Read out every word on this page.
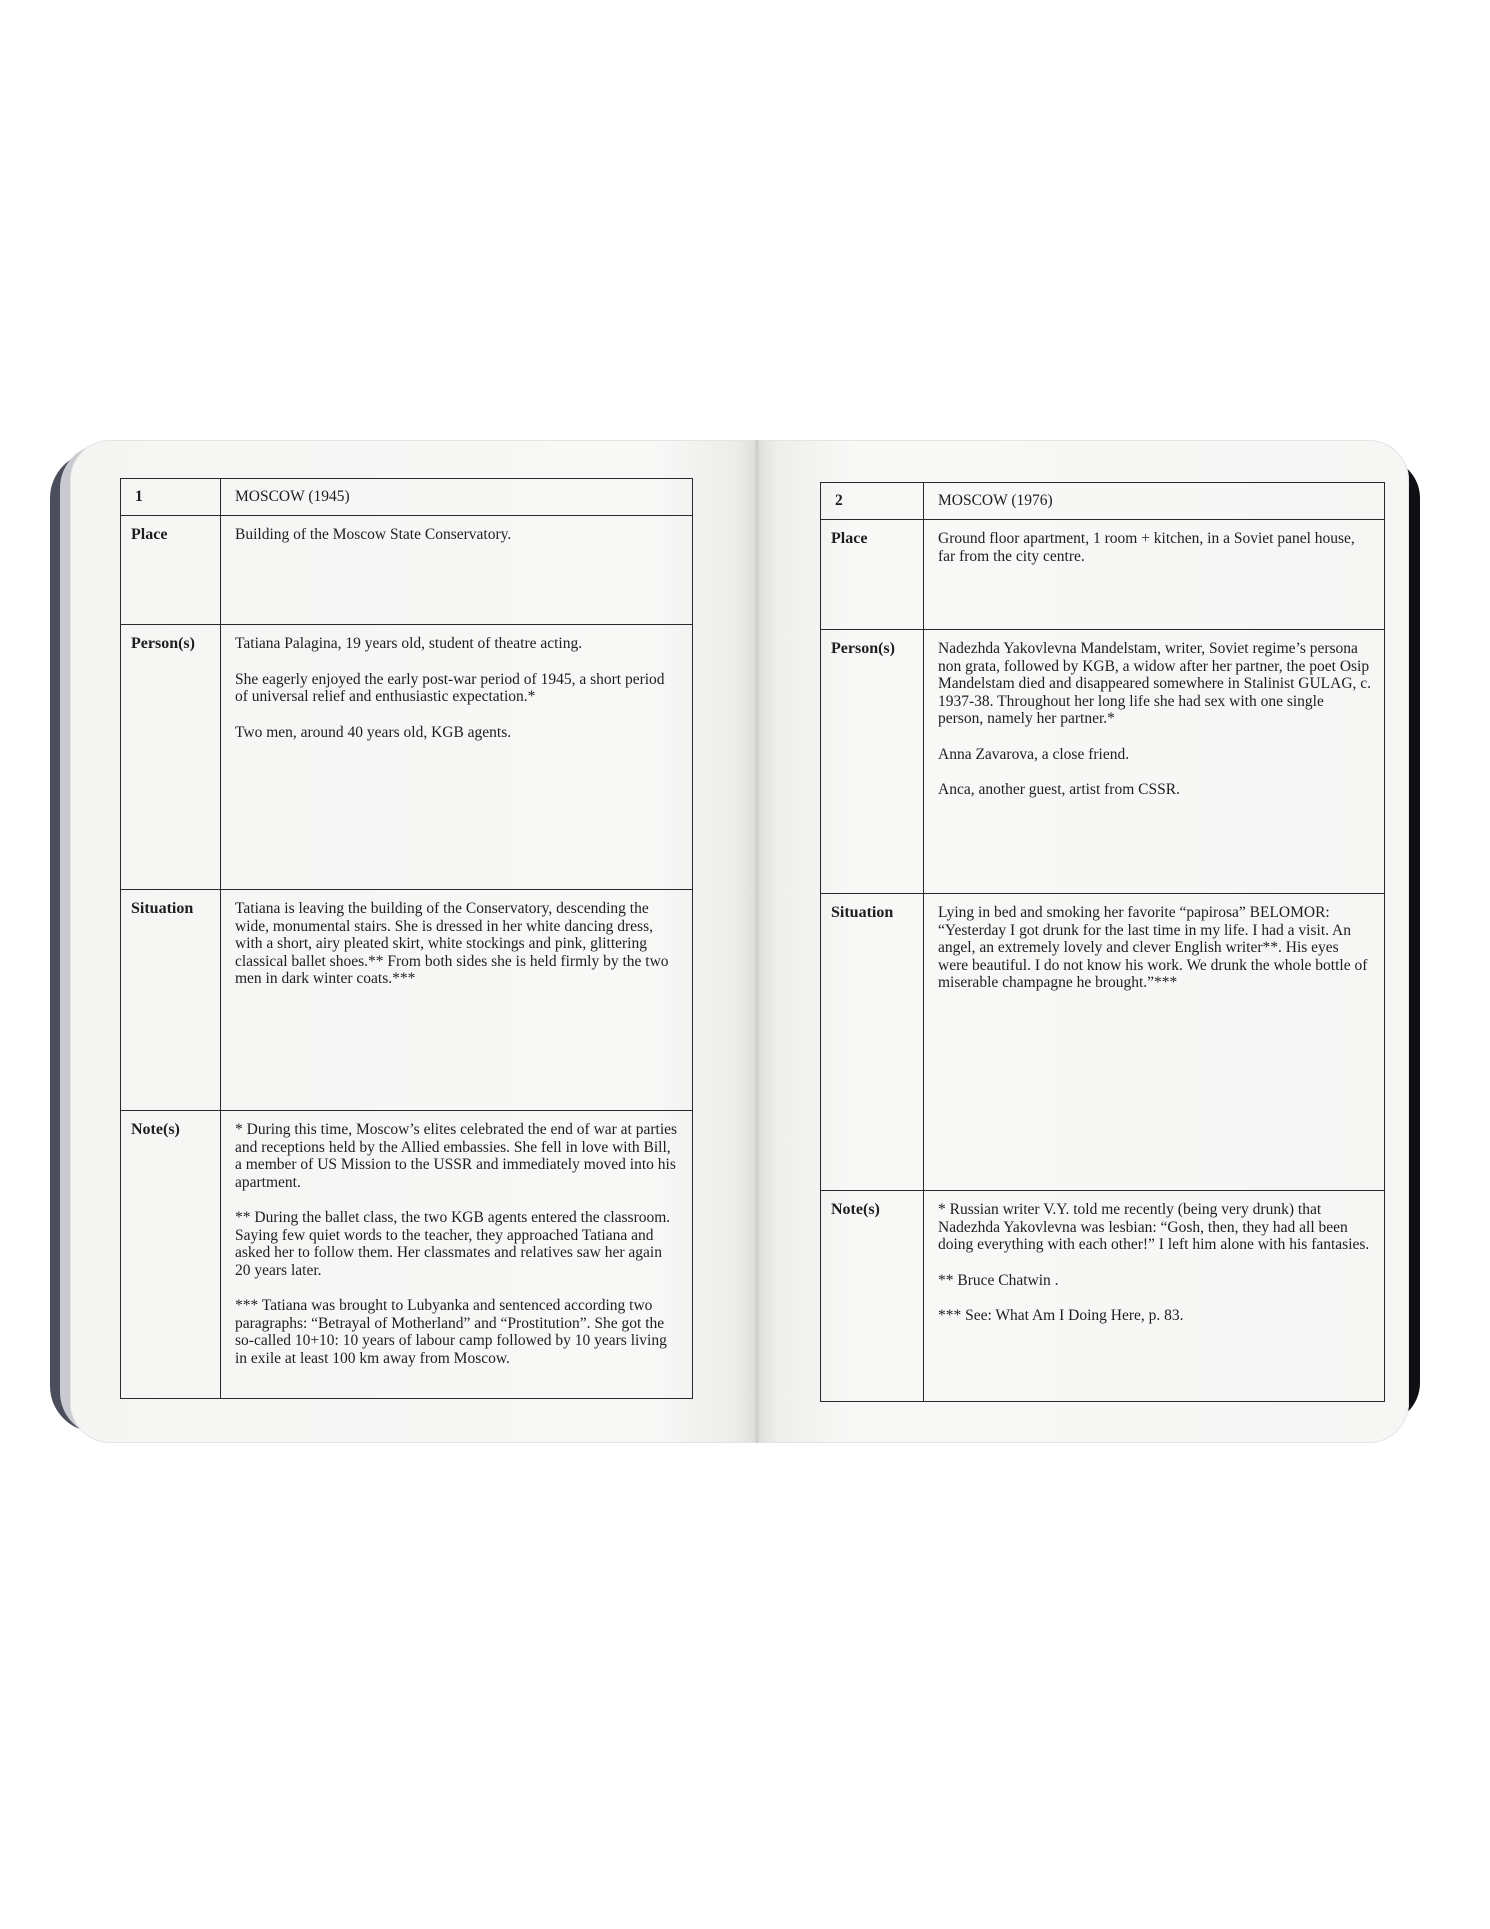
1	MOSCOW (1945)
Place	Building of the Moscow State Conservatory.
Person(s)	Tatiana Palagina, 19 years old, student of theatre acting.

She eagerly enjoyed the early post-war period of 1945, a short period of universal relief and enthusiastic expectation.*

Two men, around 40 years old, KGB agents.

Situation	Tatiana is leaving the building of the Conservatory, descending the wide, monumental stairs. She is dressed in her white dancing dress, with a short, airy pleated skirt, white stockings and pink, glittering classical ballet shoes.** From both sides she is held firmly by the two men in dark winter coats.***
Note(s)	* During this time, Moscow’s elites celebrated the end of war at parties and receptions held by the Allied embassies. She fell in love with Bill, a member of US Mission to the USSR and immediately moved into his apartment.

** During the ballet class, the two KGB agents entered the classroom. Saying few quiet words to the teacher, they approached Tatiana and asked her to follow them. Her classmates and relatives saw her again 20 years later.

*** Tatiana was brought to Lubyanka and sentenced according two paragraphs: “Betrayal of Motherland” and “Prostitution”. She got the so-called 10+10: 10 years of labour camp followed by 10 years living in exile at least 100 km away from Moscow.

2	MOSCOW (1976)
Place	Ground floor apartment, 1 room + kitchen, in a Soviet panel house, far from the city centre.
Person(s)	Nadezhda Yakovlevna Mandelstam, writer, Soviet regime’s persona non grata, followed by KGB, a widow after her partner, the poet Osip Mandelstam died and disappeared somewhere in Stalinist GULAG, c. 1937-38. Throughout her long life she had sex with one single person, namely her partner.*

Anna Zavarova, a close friend.

Anca, another guest, artist from CSSR.

Situation	Lying in bed and smoking her favorite “papirosa” BELOMOR: “Yesterday I got drunk for the last time in my life. I had a visit. An angel, an extremely lovely and clever English writer**. His eyes were beautiful. I do not know his work. We drunk the whole bottle of miserable champagne he brought.”***
Note(s)	* Russian writer V.Y. told me recently (being very drunk) that Nadezhda Yakovlevna was lesbian: “Gosh, then, they had all been doing everything with each other!” I left him alone with his fantasies.

** Bruce Chatwin .

*** See: What Am I Doing Here, p. 83.
